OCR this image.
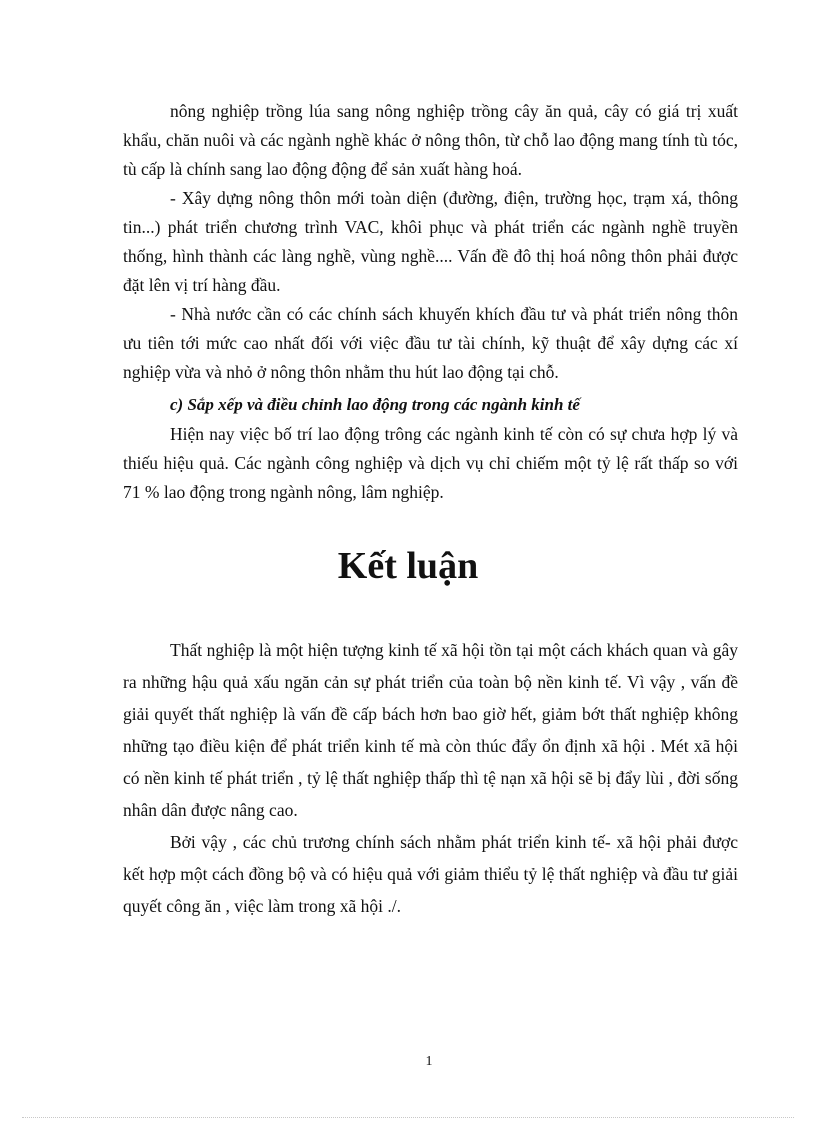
nông nghiệp trồng lúa sang nông nghiệp trồng cây ăn quả, cây có giá trị xuất khẩu, chăn nuôi và các ngành nghề khác ở nông thôn, từ chỗ lao động mang tính tù tóc, tù cấp là chính sang lao động động để sản xuất hàng hoá.

- Xây dựng nông thôn mới toàn diện (đường, điện, trường học, trạm xá, thông tin...) phát triển chương trình VAC, khôi phục và phát triển các ngành nghề truyền thống, hình thành các làng nghề, vùng nghề.... Vấn đề đô thị hoá nông thôn phải được đặt lên vị trí hàng đầu.

- Nhà nước cần có các chính sách khuyến khích đầu tư và phát triển nông thôn ưu tiên tới mức cao nhất đối với việc đầu tư tài chính, kỹ thuật để xây dựng các xí nghiệp vừa và nhỏ ở nông thôn nhằm thu hút lao động tại chỗ.

c) Sắp xếp và điều chỉnh lao động trong các ngành kinh tế

Hiện nay việc bố trí lao động trông các ngành kinh tế còn có sự chưa hợp lý và thiếu hiệu quả. Các ngành công nghiệp và dịch vụ chỉ chiếm một tỷ lệ rất thấp so với 71 % lao động trong ngành nông, lâm nghiệp.

Kết luận

Thất nghiệp là một hiện tượng kinh tế xã hội tồn tại một cách khách quan và gây ra những hậu quả xấu ngăn cản sự phát triển của toàn bộ nền kinh tế. Vì vậy , vấn đề giải quyết thất nghiệp là vấn đề cấp bách hơn bao giờ hết, giảm bớt thất nghiệp không những tạo điều kiện để phát triển kinh tế mà còn thúc đẩy ổn định xã hội . Mét xã hội có nền kinh tế phát triển , tỷ lệ thất nghiệp thấp thì tệ nạn xã hội sẽ bị đẩy lùi , đời sống nhân dân được nâng cao.

Bởi vậy , các chủ trương chính sách nhằm phát triển kinh tế- xã hội phải được kết hợp một cách đồng bộ và có hiệu quả với giảm thiểu tỷ lệ thất nghiệp và đầu tư giải quyết công ăn , việc làm trong xã hội ./.

1
